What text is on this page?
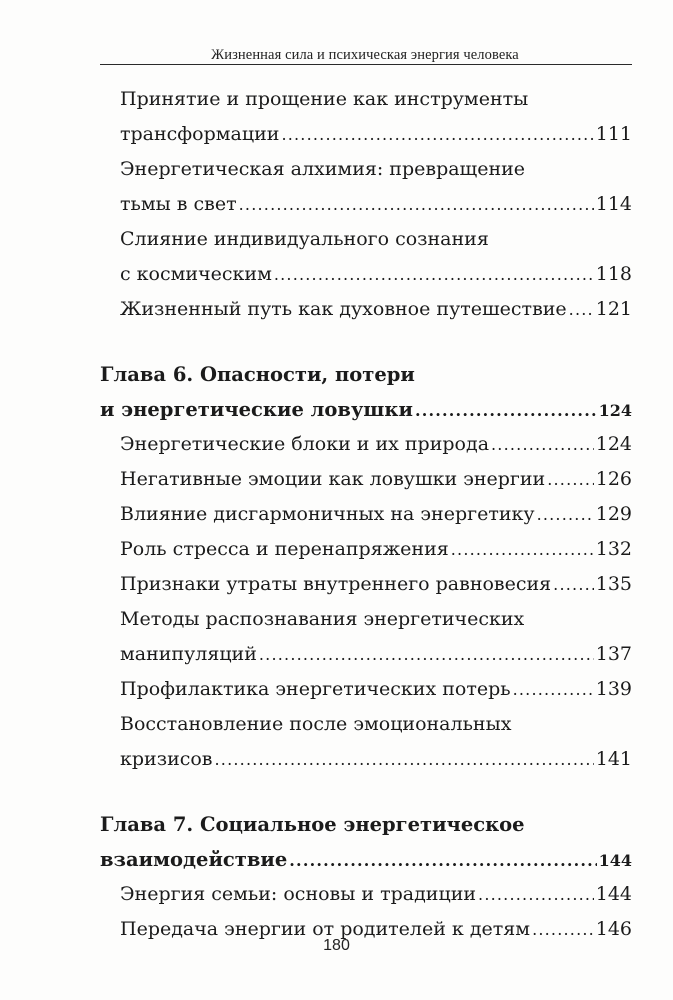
Жизненная сила и психическая энергия человека
Принятие и прощение как инструменты
трансформации .....	111
Энергетическая алхимия: превращение
тьмы в свет .....	114
Слияние индивидуального сознания
с космическим .....	118
Жизненный путь как духовное путешествие ..... 121
Глава 6. Опасности, потери
и энергетические ловушки .....	124
Энергетические блоки и их природа .....	124
Негативные эмоции как ловушки энергии .....	126
Влияние дисгармоничных на энергетику .....	129
Роль стресса и перенапряжения .....	132
Признаки утраты внутреннего равновесия ..... 135
Методы распознавания энергетических
манипуляций .....	137
Профилактика энергетических потерь .....	139
Восстановление после эмоциональных
кризисов .....	141
Глава 7. Социальное энергетическое
взаимодействие .....	144
Энергия семьи: основы и традиции .....	144
Передача энергии от родителей к детям .....	146
180
